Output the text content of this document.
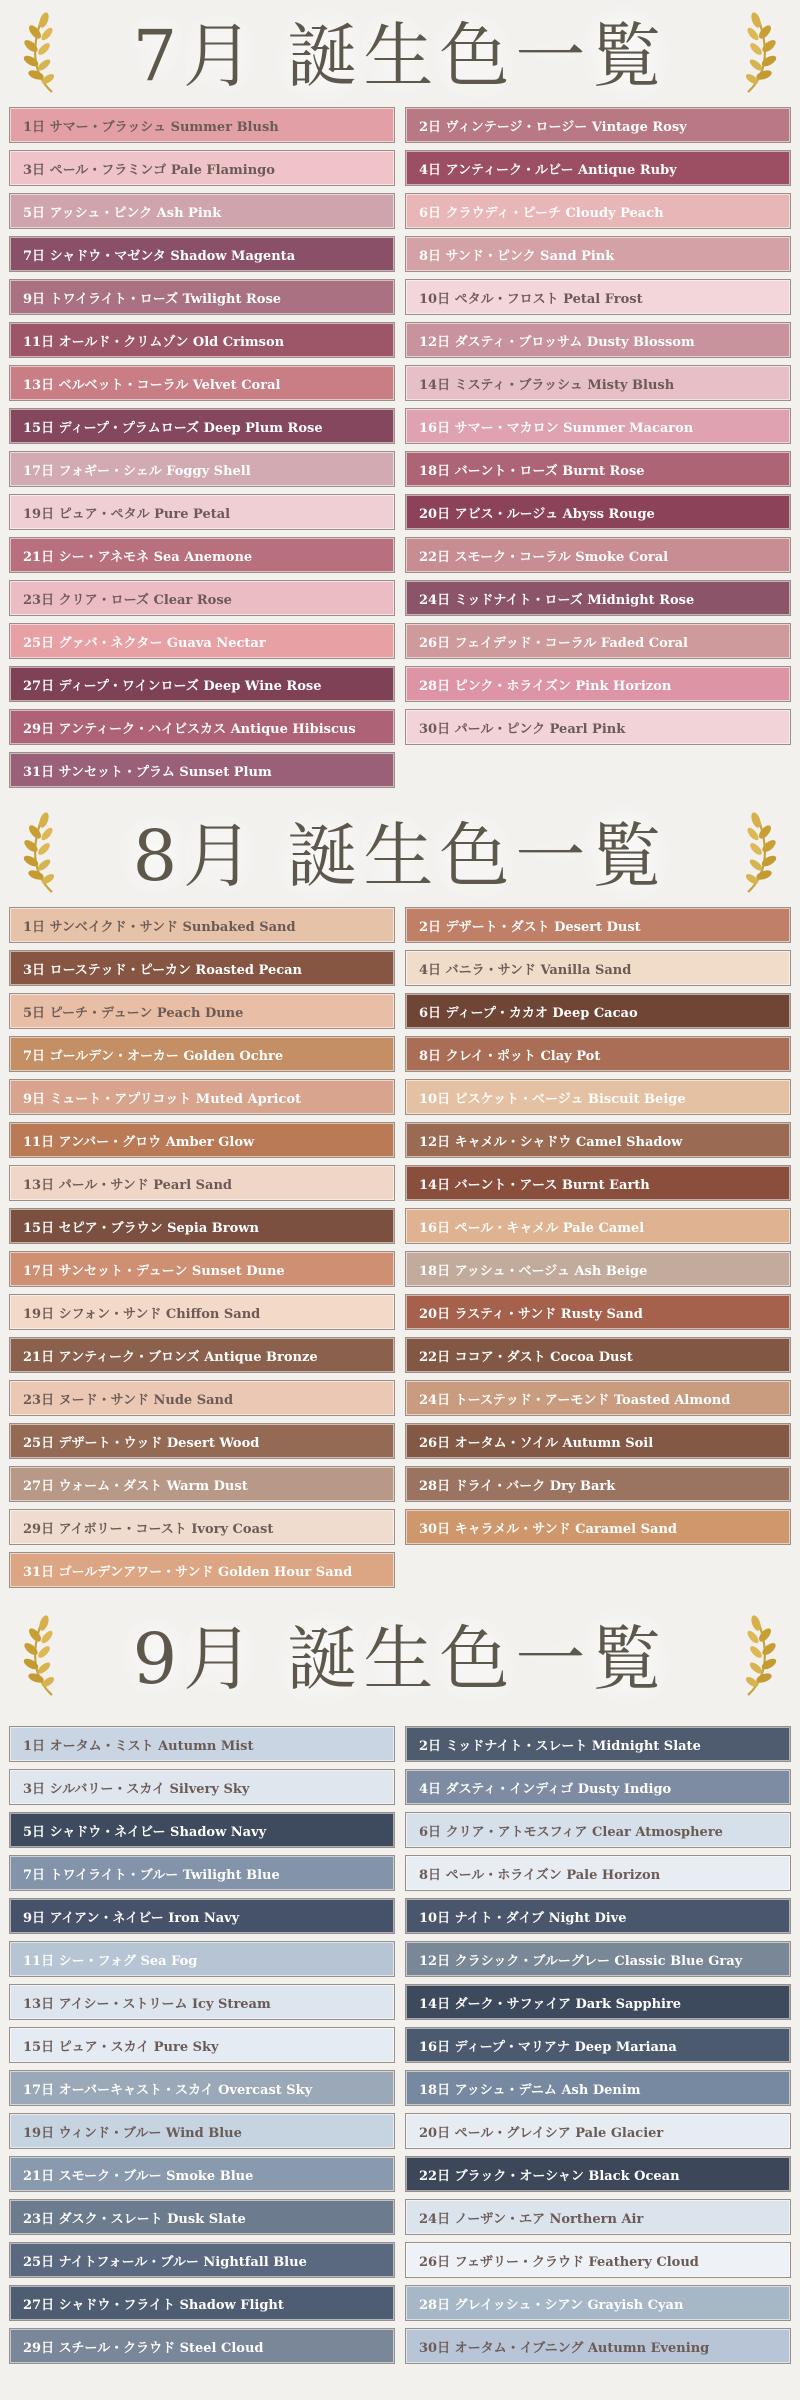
7月 誕生色一覧
1日 サマー・ブラッシュ Summer Blush	2日 ヴィンテージ・ロージー Vintage Rosy
3日 ペール・フラミンゴ Pale Flamingo	4日 アンティーク・ルビー Antique Ruby
5日 アッシュ・ピンク Ash Pink	6日 クラウディ・ピーチ Cloudy Peach
7日 シャドウ・マゼンタ Shadow Magenta	8日 サンド・ピンク Sand Pink
9日 トワイライト・ローズ Twilight Rose	10日 ペタル・フロスト Petal Frost
11日 オールド・クリムゾン Old Crimson	12日 ダスティ・ブロッサム Dusty Blossom
13日 ベルベット・コーラル Velvet Coral	14日 ミスティ・ブラッシュ Misty Blush
15日 ディープ・プラムローズ Deep Plum Rose	16日 サマー・マカロン Summer Macaron
17日 フォギー・シェル Foggy Shell	18日 バーント・ローズ Burnt Rose
19日 ピュア・ペタル Pure Petal	20日 アビス・ルージュ Abyss Rouge
21日 シー・アネモネ Sea Anemone	22日 スモーク・コーラル Smoke Coral
23日 クリア・ローズ Clear Rose	24日 ミッドナイト・ローズ Midnight Rose
25日 グァバ・ネクター Guava Nectar	26日 フェイデッド・コーラル Faded Coral
27日 ディープ・ワインローズ Deep Wine Rose	28日 ピンク・ホライズン Pink Horizon
29日 アンティーク・ハイビスカス Antique Hibiscus	30日 パール・ピンク Pearl Pink
31日 サンセット・プラム Sunset Plum
8月 誕生色一覧
1日 サンベイクド・サンド Sunbaked Sand	2日 デザート・ダスト Desert Dust
3日 ローステッド・ピーカン Roasted Pecan	4日 バニラ・サンド Vanilla Sand
5日 ピーチ・デューン Peach Dune	6日 ディープ・カカオ Deep Cacao
7日 ゴールデン・オーカー Golden Ochre	8日 クレイ・ポット Clay Pot
9日 ミュート・アプリコット Muted Apricot	10日 ビスケット・ベージュ Biscuit Beige
11日 アンバー・グロウ Amber Glow	12日 キャメル・シャドウ Camel Shadow
13日 パール・サンド Pearl Sand	14日 バーント・アース Burnt Earth
15日 セピア・ブラウン Sepia Brown	16日 ペール・キャメル Pale Camel
17日 サンセット・デューン Sunset Dune	18日 アッシュ・ベージュ Ash Beige
19日 シフォン・サンド Chiffon Sand	20日 ラスティ・サンド Rusty Sand
21日 アンティーク・ブロンズ Antique Bronze	22日 ココア・ダスト Cocoa Dust
23日 ヌード・サンド Nude Sand	24日 トーステッド・アーモンド Toasted Almond
25日 デザート・ウッド Desert Wood	26日 オータム・ソイル Autumn Soil
27日 ウォーム・ダスト Warm Dust	28日 ドライ・バーク Dry Bark
29日 アイボリー・コースト Ivory Coast	30日 キャラメル・サンド Caramel Sand
31日 ゴールデンアワー・サンド Golden Hour Sand
9月 誕生色一覧
1日 オータム・ミスト Autumn Mist	2日 ミッドナイト・スレート Midnight Slate
3日 シルバリー・スカイ Silvery Sky	4日 ダスティ・インディゴ Dusty Indigo
5日 シャドウ・ネイビー Shadow Navy	6日 クリア・アトモスフィア Clear Atmosphere
7日 トワイライト・ブルー Twilight Blue	8日 ペール・ホライズン Pale Horizon
9日 アイアン・ネイビー Iron Navy	10日 ナイト・ダイブ Night Dive
11日 シー・フォグ Sea Fog	12日 クラシック・ブルーグレー Classic Blue Gray
13日 アイシー・ストリーム Icy Stream	14日 ダーク・サファイア Dark Sapphire
15日 ピュア・スカイ Pure Sky	16日 ディープ・マリアナ Deep Mariana
17日 オーバーキャスト・スカイ Overcast Sky	18日 アッシュ・デニム Ash Denim
19日 ウィンド・ブルー Wind Blue	20日 ペール・グレイシア Pale Glacier
21日 スモーク・ブルー Smoke Blue	22日 ブラック・オーシャン Black Ocean
23日 ダスク・スレート Dusk Slate	24日 ノーザン・エア Northern Air
25日 ナイトフォール・ブルー Nightfall Blue	26日 フェザリー・クラウド Feathery Cloud
27日 シャドウ・フライト Shadow Flight	28日 グレイッシュ・シアン Grayish Cyan
29日 スチール・クラウド Steel Cloud	30日 オータム・イブニング Autumn Evening
